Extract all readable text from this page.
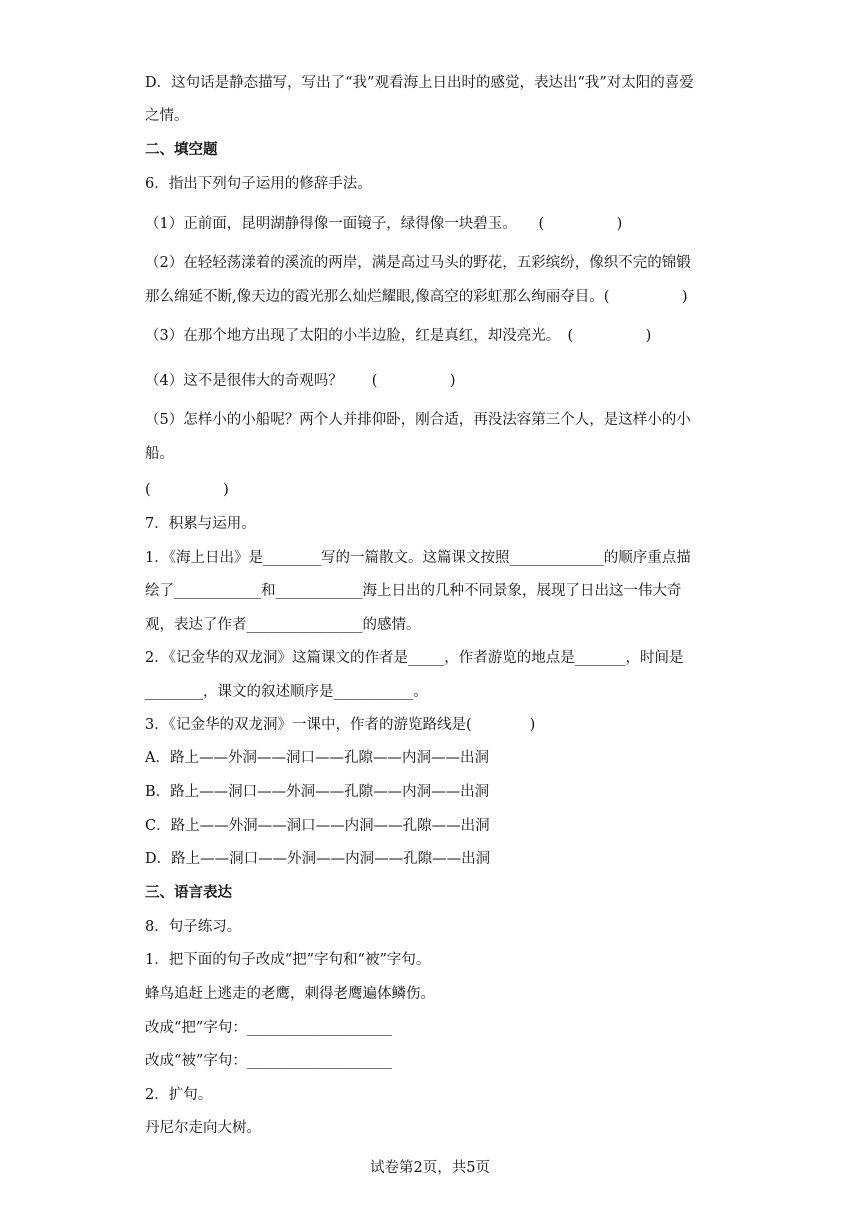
D．这句话是静态描写，写出了“我”观看海上日出时的感觉，表达出“我”对太阳的喜爱
之情。
二、填空题
6．指出下列句子运用的修辞手法。
（1）正前面，昆明湖静得像一面镜子，绿得像一块碧玉。　　(　　　　　)
（2）在轻轻荡漾着的溪流的两岸，满是高过马头的野花，五彩缤纷，像织不完的锦锻
那么绵延不断,像天边的霞光那么灿烂耀眼,像高空的彩虹那么绚丽夺目。(　　　　　)
（3）在那个地方出现了太阳的小半边脸，红是真红，却没亮光。　(　　　　　)
（4）这不是很伟大的奇观吗？　　(　　　　　)
（5）怎样小的小船呢？两个人并排仰卧，刚合适，再没法容第三个人，是这样小的小
船。
(　　　　　)
7．积累与运用。
1．《海上日出》是________写的一篇散文。这篇课文按照_____________的顺序重点描
绘了____________和____________海上日出的几种不同景象，展现了日出这一伟大奇
观，表达了作者________________的感情。
2．《记金华的双龙洞》这篇课文的作者是_____，作者游览的地点是_______，时间是
________，课文的叙述顺序是___________。
3．《记金华的双龙洞》一课中，作者的游览路线是(　　　　)
A．路上——外洞——洞口——孔隙——内洞——出洞
B．路上——洞口——外洞——孔隙——内洞——出洞
C．路上——外洞——洞口——内洞——孔隙——出洞
D．路上——洞口——外洞——内洞——孔隙——出洞
三、语言表达
8．句子练习。
1．把下面的句子改成“把”字句和“被”字句。
蜂鸟追赶上逃走的老鹰，刺得老鹰遍体鳞伤。
改成“把”字句：____________________
改成“被”字句：____________________
2．扩句。
丹尼尔走向大树。
试卷第2页，共5页
